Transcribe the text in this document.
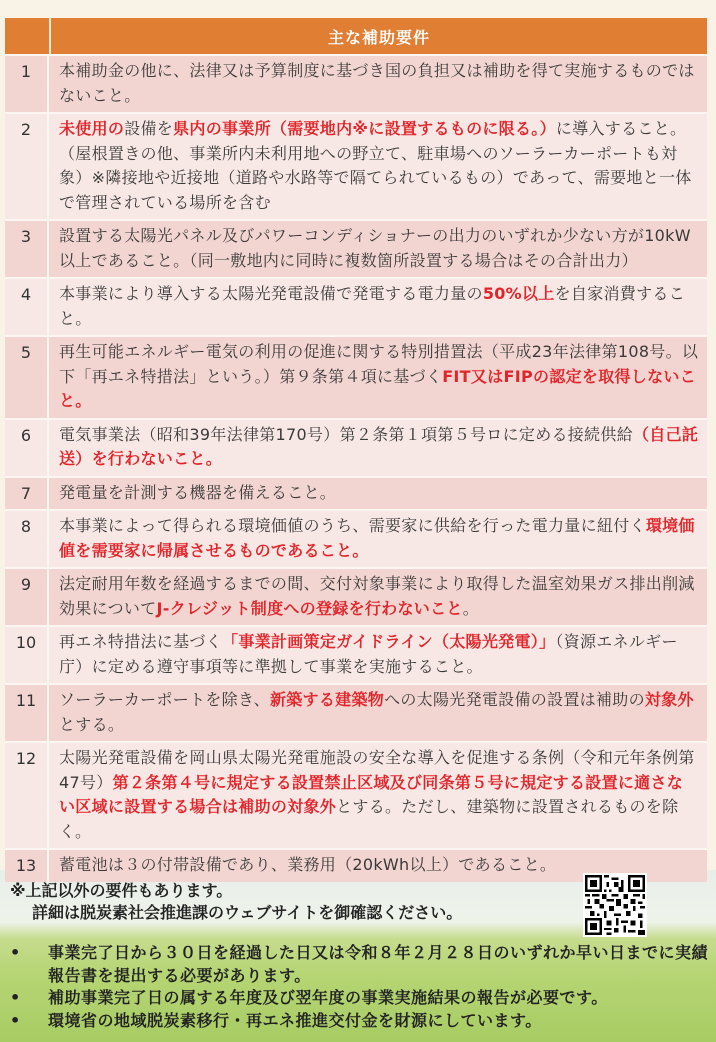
主な補助要件
1	本補助金の他に、法律又は予算制度に基づき国の負担又は補助を得て実施するものではないこと。
2	未使用の設備を県内の事業所（需要地内※に設置するものに限る。）に導入すること。（屋根置きの他、事業所内未利用地への野立て、駐車場へのソーラーカーポートも対象）※隣接地や近接地（道路や水路等で隔てられているもの）であって、需要地と一体で管理されている場所を含む
3	設置する太陽光パネル及びパワーコンディショナーの出力のいずれか少ない方が10kW以上であること。（同一敷地内に同時に複数箇所設置する場合はその合計出力）
4	本事業により導入する太陽光発電設備で発電する電力量の50%以上を自家消費すること。
5	再生可能エネルギー電気の利用の促進に関する特別措置法（平成23年法律第108号。以下「再エネ特措法」という。）第９条第４項に基づくFIT又はFIPの認定を取得しないこと。
6	電気事業法（昭和39年法律第170号）第２条第１項第５号ロに定める接続供給（自己託送）を行わないこと。
7	発電量を計測する機器を備えること。
8	本事業によって得られる環境価値のうち、需要家に供給を行った電力量に紐付く環境価値を需要家に帰属させるものであること。
9	法定耐用年数を経過するまでの間、交付対象事業により取得した温室効果ガス排出削減効果についてJ-クレジット制度への登録を行わないこと。
10	再エネ特措法に基づく「事業計画策定ガイドライン（太陽光発電）」（資源エネルギー庁）に定める遵守事項等に準拠して事業を実施すること。
11	ソーラーカーポートを除き、新築する建築物への太陽光発電設備の設置は補助の対象外とする。
12	太陽光発電設備を岡山県太陽光発電施設の安全な導入を促進する条例（令和元年条例第47号）第２条第４号に規定する設置禁止区域及び同条第５号に規定する設置に適さない区域に設置する場合は補助の対象外とする。ただし、建築物に設置されるものを除く。
13	蓄電池は３の付帯設備であり、業務用（20kWh以上）であること。
※上記以外の要件もあります。
詳細は脱炭素社会推進課のウェブサイトを御確認ください。
•	事業完了日から３０日を経過した日又は令和８年２月２８日のいずれか早い日までに実績報告書を提出する必要があります。
•	補助事業完了日の属する年度及び翌年度の事業実施結果の報告が必要です。
•	環境省の地域脱炭素移行・再エネ推進交付金を財源にしています。
